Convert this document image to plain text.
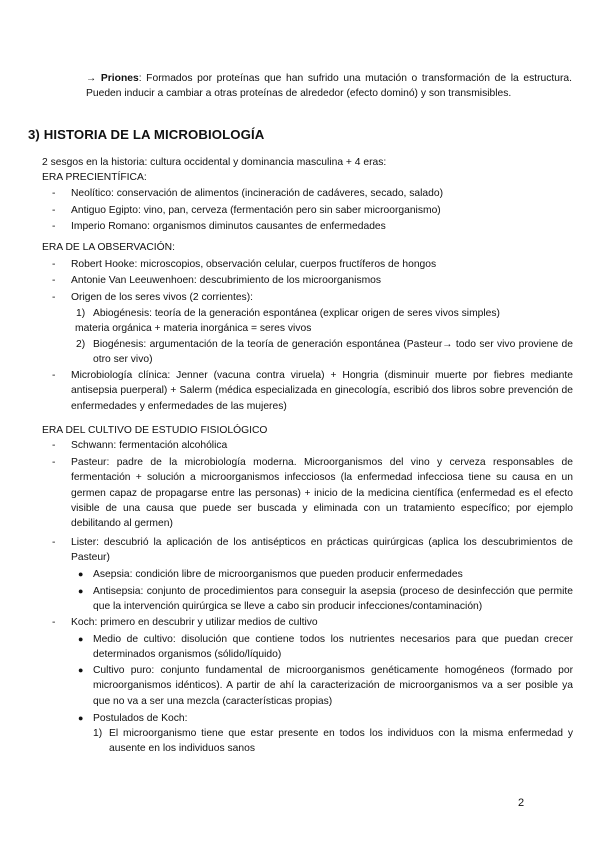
→ Priones: Formados por proteínas que han sufrido una mutación o transformación de la estructura. Pueden inducir a cambiar a otras proteínas de alrededor (efecto dominó) y son transmisibles.
3) HISTORIA DE LA MICROBIOLOGÍA
2 sesgos en la historia: cultura occidental y dominancia masculina + 4 eras:
ERA PRECIENTÍFICA:
-	Neolítico: conservación de alimentos (incineración de cadáveres, secado, salado)
-	Antiguo Egipto: vino, pan, cerveza (fermentación pero sin saber microorganismo)
-	Imperio Romano: organismos diminutos causantes de enfermedades
ERA DE LA OBSERVACIÓN:
-	Robert Hooke: microscopios, observación celular, cuerpos fructíferos de hongos
-	Antonie Van Leeuwenhoen: descubrimiento de los microorganismos
-	Origen de los seres vivos (2 corrientes):
1) Abiogénesis: teoría de la generación espontánea (explicar origen de seres vivos simples)
materia orgánica + materia inorgánica = seres vivos
2) Biogénesis: argumentación de la teoría de generación espontánea (Pasteur→ todo ser vivo proviene de otro ser vivo)
-	Microbiología clínica: Jenner (vacuna contra viruela) + Hongria (disminuir muerte por fiebres mediante antisepsia puerperal) + Salerm (médica especializada en ginecología, escribió dos libros sobre prevención de enfermedades y enfermedades de las mujeres)
ERA DEL CULTIVO DE ESTUDIO FISIOLÓGICO
-	Schwann: fermentación alcohólica
-	Pasteur: padre de la microbiología moderna. Microorganismos del vino y cerveza responsables de fermentación + solución a microorganismos infecciosos (la enfermedad infecciosa tiene su causa en un germen capaz de propagarse entre las personas) + inicio de la medicina científica (enfermedad es el efecto visible de una causa que puede ser buscada y eliminada con un tratamiento específico; por ejemplo debilitando al germen)
-	Lister: descubrió la aplicación de los antisépticos en prácticas quirúrgicas (aplica los descubrimientos de Pasteur)
● Asepsia: condición libre de microorganismos que pueden producir enfermedades
● Antisepsia: conjunto de procedimientos para conseguir la asepsia (proceso de desinfección que permite que la intervención quirúrgica se lleve a cabo sin producir infecciones/contaminación)
-	Koch: primero en descubrir y utilizar medios de cultivo
● Medio de cultivo: disolución que contiene todos los nutrientes necesarios para que puedan crecer determinados organismos (sólido/líquido)
● Cultivo puro: conjunto fundamental de microorganismos genéticamente homogéneos (formado por microorganismos idénticos). A partir de ahí la caracterización de microorganismos va a ser posible ya que no va a ser una mezcla (características propias)
● Postulados de Koch:
1) El microorganismo tiene que estar presente en todos los individuos con la misma enfermedad y ausente en los individuos sanos
2
